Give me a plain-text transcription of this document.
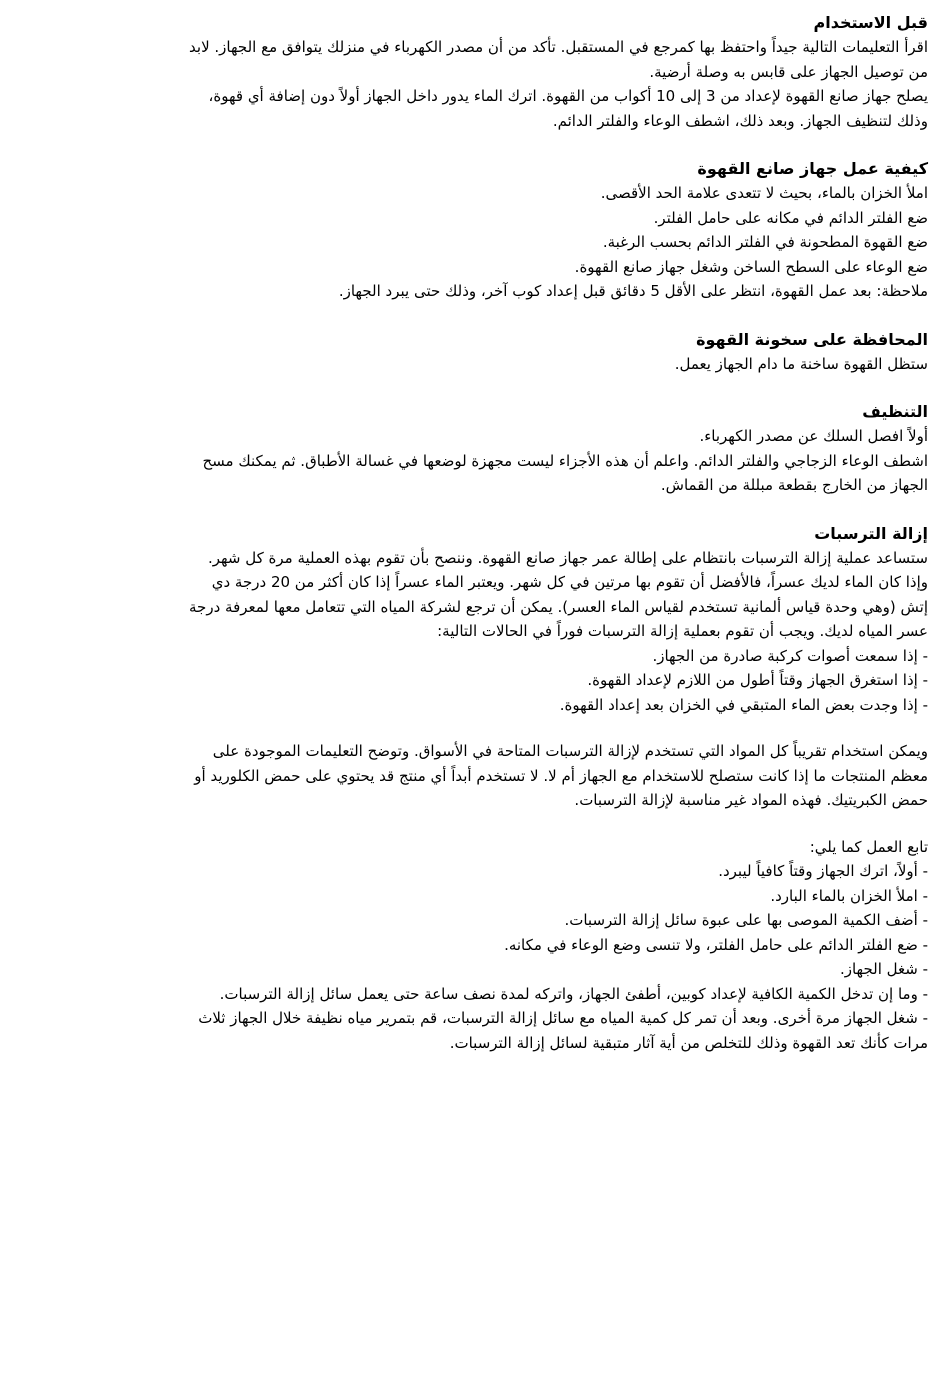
قبل الاستخدام
اقرأ التعليمات التالية جيداً واحتفظ بها كمرجع في المستقبل. تأكد من أن مصدر الكهرباء في منزلك يتوافق مع الجهاز. لابد
من توصيل الجهاز على قابس به وصلة أرضية.
يصلح جهاز صانع القهوة لإعداد من 3 إلى 10 أكواب من القهوة. اترك الماء يدور داخل الجهاز أولاً دون إضافة أي قهوة،
وذلك لتنظيف الجهاز. وبعد ذلك، اشطف الوعاء والفلتر الدائم.
كيفية عمل جهاز صانع القهوة
املأ الخزان بالماء، بحيث لا تتعدى علامة الحد الأقصى.
ضع الفلتر الدائم في مكانه على حامل الفلتر.
ضع القهوة المطحونة في الفلتر الدائم بحسب الرغبة.
ضع الوعاء على السطح الساخن وشغل جهاز صانع القهوة.
ملاحظة: بعد عمل القهوة، انتظر على الأقل 5 دقائق قبل إعداد كوب آخر، وذلك حتى يبرد الجهاز.
المحافظة على سخونة القهوة
ستظل القهوة ساخنة ما دام الجهاز يعمل.
التنظيف
أولاً افصل السلك عن مصدر الكهرباء.
اشطف الوعاء الزجاجي والفلتر الدائم. واعلم أن هذه الأجزاء ليست مجهزة لوضعها في غسالة الأطباق. ثم يمكنك مسح
الجهاز من الخارج بقطعة مبللة من القماش.
إزالة الترسبات
ستساعد عملية إزالة الترسبات بانتظام على إطالة عمر جهاز صانع القهوة. وننصح بأن تقوم بهذه العملية مرة كل شهر.
وإذا كان الماء لديك عسراً، فالأفضل أن تقوم بها مرتين في كل شهر. ويعتبر الماء عسراً إذا كان أكثر من 20 درجة دي
إتش (وهي وحدة قياس ألمانية تستخدم لقياس الماء العسر). يمكن أن ترجع لشركة المياه التي تتعامل معها لمعرفة درجة
عسر المياه لديك. ويجب أن تقوم بعملية إزالة الترسبات فوراً في الحالات التالية:
- إذا سمعت أصوات كركبة صادرة من الجهاز.
- إذا استغرق الجهاز وقتاً أطول من اللازم لإعداد القهوة.
- إذا وجدت بعض الماء المتبقي في الخزان بعد إعداد القهوة.
ويمكن استخدام تقريباً كل المواد التي تستخدم لإزالة الترسبات المتاحة في الأسواق. وتوضح التعليمات الموجودة على
معظم المنتجات ما إذا كانت ستصلح للاستخدام مع الجهاز أم لا. لا تستخدم أبداً أي منتج قد يحتوي على حمض الكلوريد أو
حمض الكبريتيك. فهذه المواد غير مناسبة لإزالة الترسبات.
تابع العمل كما يلي:
- أولاً، اترك الجهاز وقتاً كافياً ليبرد.
- املأ الخزان بالماء البارد.
- أضف الكمية الموصى بها على عبوة سائل إزالة الترسبات.
- ضع الفلتر الدائم على حامل الفلتر، ولا تنسى وضع الوعاء في مكانه.
- شغل الجهاز.
- وما إن تدخل الكمية الكافية لإعداد كوبين، أطفئ الجهاز، واتركه لمدة نصف ساعة حتى يعمل سائل إزالة الترسبات.
- شغل الجهاز مرة أخرى. وبعد أن تمر كل كمية المياه مع سائل إزالة الترسبات، قم بتمرير مياه نظيفة خلال الجهاز ثلاث
مرات كأنك تعد القهوة وذلك للتخلص من أية آثار متبقية لسائل إزالة الترسبات.
